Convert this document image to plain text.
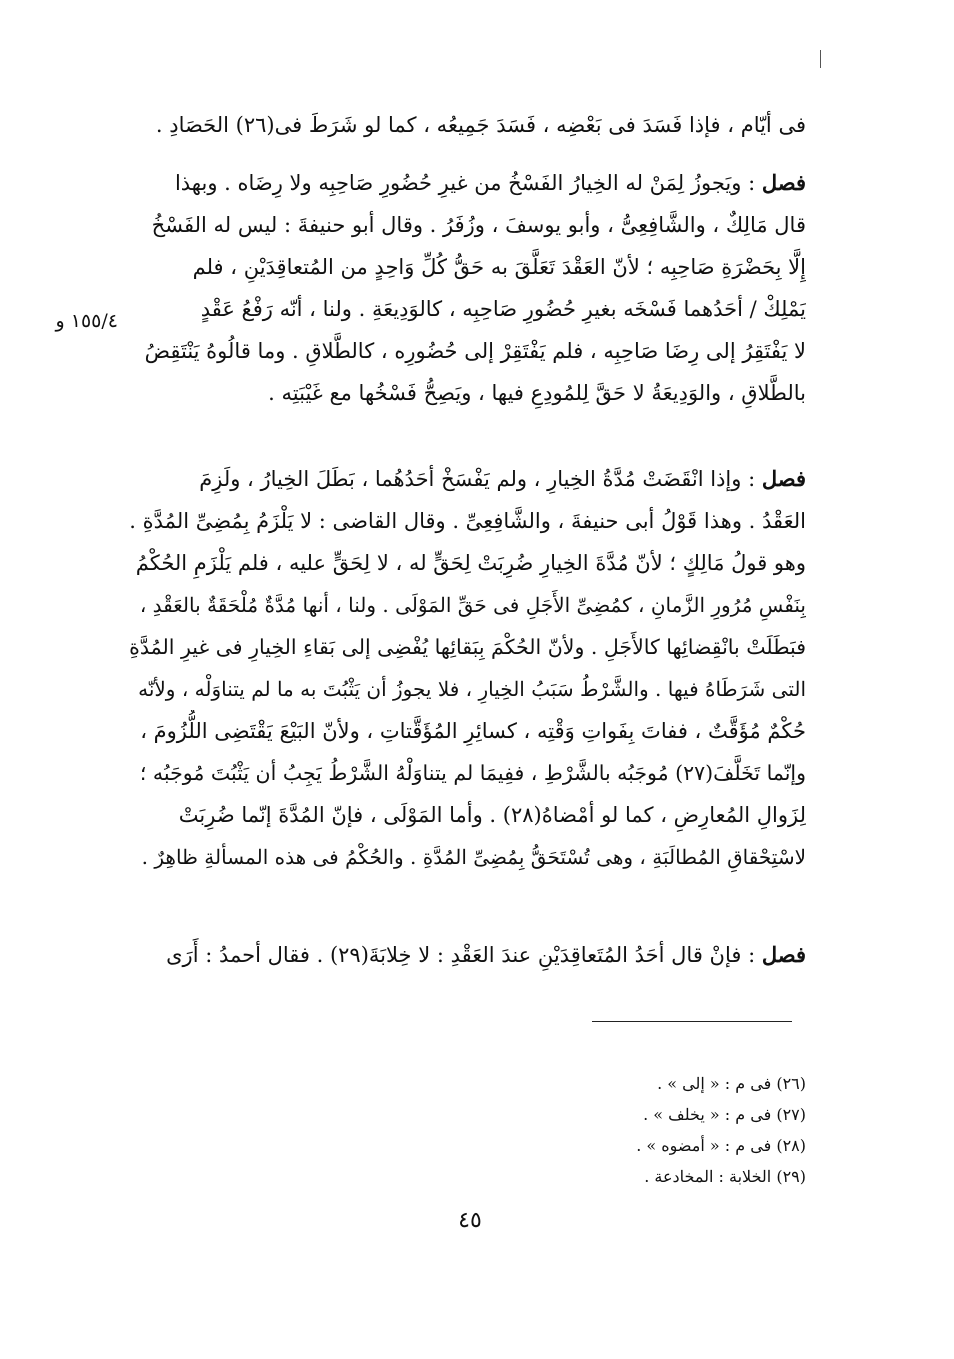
فى أيّام ، فإذا فَسَدَ فى بَعْضِه ، فَسَدَ جَمِيعُه ، كما لو شَرَطَ فى(٢٦) الحَصَادِ .
فصل : ويَجوزُ لِمَنْ له الخِيارُ الفَسْخُ من غيرِ حُضُورِ صَاحِبِه ولا رِضَاه . وبهذا
قال مَالِكٌ ، والشَّافِعِىُّ ، وأبو يوسفَ ، وزُفَرُ . وقال أبو حنيفةَ : ليس له الفَسْخُ
إِلَّا بِحَضْرَةِ صَاحِبِه ؛ لأنّ العَقْدَ تَعَلَّقَ به حَقُّ كُلِّ وَاحِدٍ من المُتعاقِدَيْنِ ، فلم
يَمْلِكْ / أحَدُهما فَسْخَه بغيرِ حُضُورِ صَاحِبِه ، كالوَدِيعَةِ . ولنا ، أنّه رَفْعُ عَقْدٍ
لا يَفْتَقِرُ إلى رِضَا صَاحِبِه ، فلم يَفْتَقِرْ إلى حُضُورِه ، كالطَّلاقِ . وما قالُوهُ يَنْتَقِضُ
بالطَّلاقِ ، والوَدِيعَةُ لا حَقَّ لِلمُودِعِ فيها ، ويَصِحُّ فَسْخُها مع غَيْبَتِه .
١٥٥/٤ و
فصل : وإذا انْقَضَتْ مُدَّةُ الخِيارِ ، ولم يَفْسَخْ أحَدُهُما ، بَطَلَ الخِيارُ ، ولَزِمَ
العَقْدُ . وهذا قَوْلُ أبى حنيفةَ ، والشَّافِعِىِّ . وقال القاضى : لا يَلْزَمُ بِمُضِىِّ المُدَّةِ .
وهو قولُ مَالِكٍ ؛ لأنّ مُدَّةَ الخِيارِ ضُرِبَتْ لِحَقٍّ له ، لا لِحَقٍّ عليه ، فلم يَلْزَمِ الحُكْمُ
بِنَفْسِ مُرُورِ الزَّمانِ ، كمُضِىِّ الأَجَلِ فى حَقِّ المَوْلَى . ولنا ، أنها مُدَّةٌ مُلْحَقَةٌ بالعَقْدِ ،
فبَطَلَتْ بانْقِضائِها كالأَجَلِ . ولأنّ الحُكْمَ بِبَقائِها يُفْضِى إلى بَقاءِ الخِيارِ فى غيرِ المُدَّةِ
التى شَرَطَاهُ فيها . والشَّرْطُ سَبَبُ الخِيارِ ، فلا يجوزُ أن يَثْبُتَ به ما لم يتناوَلْه ، ولأنّه
حُكْمٌ مُؤَقَّتٌ ، ففاتَ بِفَواتِ وَقْتِه ، كسائِرِ المُؤَقَّتاتِ ، ولأنّ البَيْعَ يَقْتَضِى اللُّزُومَ ،
وإنّما تَخَلَّفَ(٢٧) مُوجَبُه بالشَّرْطِ ، ففِيمَا لم يتناوَلْهُ الشَّرْطُ يَجِبُ أن يَثْبُتَ مُوجَبُه ؛
لِزَوالِ المُعارِضِ ، كما لو أمْضاهُ(٢٨) . وأما المَوْلَى ، فإنّ المُدَّةَ إنّما ضُرِبَتْ
لاسْتِحْقاقِ المُطالَبَةِ ، وهى تُسْتَحَقُّ بِمُضِىِّ المُدَّةِ . والحُكْمُ فى هذه المسألةِ ظاهِرٌ .
فصل : فإنْ قال أحَدُ المُتَعاقِدَيْنِ عندَ العَقْدِ : لا خِلابَةَ(٢٩) . فقال أحمدُ : أَرَى
(٢٦) فى م : « إلى » .
(٢٧) فى م : « يخلف » .
(٢٨) فى م : « أمضوه » .
(٢٩) الخلابة : المخادعة .
٤٥
